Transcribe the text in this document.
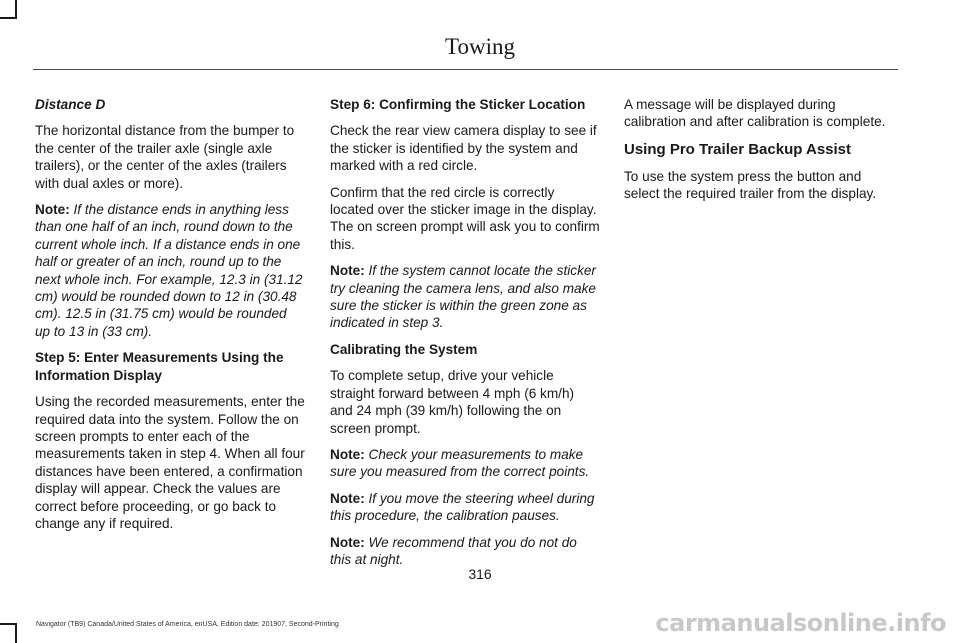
Towing

Distance D

The horizontal distance from the bumper to the center of the trailer axle (single axle trailers), or the center of the axles (trailers with dual axles or more).

Note: If the distance ends in anything less than one half of an inch, round down to the current whole inch. If a distance ends in one half or greater of an inch, round up to the next whole inch. For example, 12.3 in (31.12 cm) would be rounded down to 12 in (30.48 cm). 12.5 in (31.75 cm) would be rounded up to 13 in (33 cm).

Step 5: Enter Measurements Using the Information Display

Using the recorded measurements, enter the required data into the system. Follow the on screen prompts to enter each of the measurements taken in step 4. When all four distances have been entered, a confirmation display will appear. Check the values are correct before proceeding, or go back to change any if required.

Step 6: Confirming the Sticker Location

Check the rear view camera display to see if the sticker is identified by the system and marked with a red circle.

Confirm that the red circle is correctly located over the sticker image in the display. The on screen prompt will ask you to confirm this.

Note: If the system cannot locate the sticker try cleaning the camera lens, and also make sure the sticker is within the green zone as indicated in step 3.

Calibrating the System

To complete setup, drive your vehicle straight forward between 4 mph (6 km/h) and 24 mph (39 km/h) following the on screen prompt.

Note: Check your measurements to make sure you measured from the correct points.

Note: If you move the steering wheel during this procedure, the calibration pauses.

Note: We recommend that you do not do this at night.

A message will be displayed during calibration and after calibration is complete.

Using Pro Trailer Backup Assist

To use the system press the button and select the required trailer from the display.

316
Navigator (TB9) Canada/United States of America, enUSA, Edition date: 201907, Second-Printing	carmanualsonline.info
